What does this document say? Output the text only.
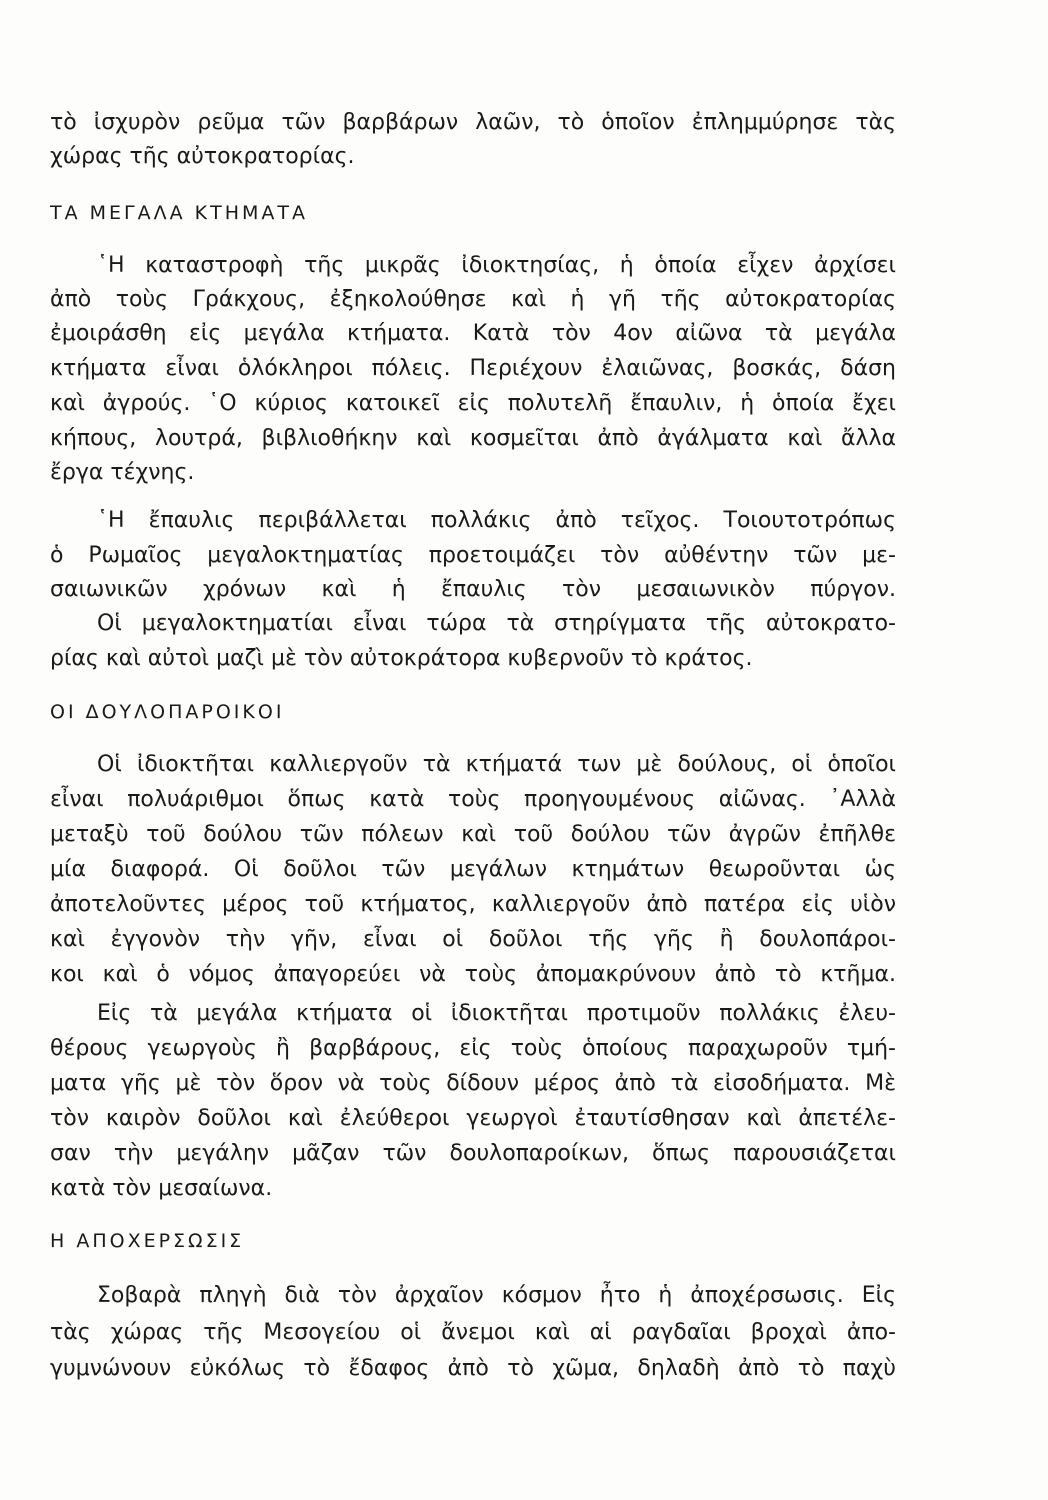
τὸ ἰσχυρὸν ρεῦμα τῶν βαρβάρων λαῶν, τὸ ὁποῖον ἐπλημμύρησε τὰς
χώρας τῆς αὐτοκρατορίας.
ΤΑ ΜΕΓΑΛΑ ΚΤΗΜΑΤΑ
῾Η καταστροφὴ τῆς μικρᾶς ἰδιοκτησίας, ἡ ὁποία εἶχεν ἀρχίσει
ἀπὸ τοὺς Γράκχους, ἐξηκολούθησε καὶ ἡ γῆ τῆς αὐτοκρατορίας
ἐμοιράσθη εἰς μεγάλα κτήματα. Κατὰ τὸν 4ον αἰῶνα τὰ μεγάλα
κτήματα εἶναι ὁλόκληροι πόλεις. Περιέχουν ἐλαιῶνας, βοσκάς, δάση
καὶ ἀγρούς. ῾Ο κύριος κατοικεῖ εἰς πολυτελῆ ἔπαυλιν, ἡ ὁποία ἔχει
κήπους, λουτρά, βιβλιοθήκην καὶ κοσμεῖται ἀπὸ ἀγάλματα καὶ ἄλλα
ἔργα τέχνης.
῾Η ἔπαυλις περιβάλλεται πολλάκις ἀπὸ τεῖχος. Τοιουτοτρόπως
ὁ Ρωμαῖος μεγαλοκτηματίας προετοιμάζει τὸν αὐθέντην τῶν με-
σαιωνικῶν χρόνων καὶ ἡ ἔπαυλις τὸν μεσαιωνικὸν πύργον.
Οἱ μεγαλοκτηματίαι εἶναι τώρα τὰ στηρίγματα τῆς αὐτοκρατο-
ρίας καὶ αὐτοὶ μαζὶ μὲ τὸν αὐτοκράτορα κυβερνοῦν τὸ κράτος.
ΟΙ ΔΟΥΛΟΠΑΡΟΙΚΟΙ
Οἱ ἰδιοκτῆται καλλιεργοῦν τὰ κτήματά των μὲ δούλους, οἱ ὁποῖοι
εἶναι πολυάριθμοι ὅπως κατὰ τοὺς προηγουμένους αἰῶνας. ᾿Αλλὰ
μεταξὺ τοῦ δούλου τῶν πόλεων καὶ τοῦ δούλου τῶν ἀγρῶν ἐπῆλθε
μία διαφορά. Οἱ δοῦλοι τῶν μεγάλων κτημάτων θεωροῦνται ὡς
ἀποτελοῦντες μέρος τοῦ κτήματος, καλλιεργοῦν ἀπὸ πατέρα εἰς υἱὸν
καὶ ἐγγονὸν τὴν γῆν, εἶναι οἱ δοῦλοι τῆς γῆς ἢ δουλοπάροι-
κοι καὶ ὁ νόμος ἀπαγορεύει νὰ τοὺς ἀπομακρύνουν ἀπὸ τὸ κτῆμα.
Εἰς τὰ μεγάλα κτήματα οἱ ἰδιοκτῆται προτιμοῦν πολλάκις ἐλευ-
θέρους γεωργοὺς ἢ βαρβάρους, εἰς τοὺς ὁποίους παραχωροῦν τμή-
ματα γῆς μὲ τὸν ὅρον νὰ τοὺς δίδουν μέρος ἀπὸ τὰ εἰσοδήματα. Μὲ
τὸν καιρὸν δοῦλοι καὶ ἐλεύθεροι γεωργοὶ ἐταυτίσθησαν καὶ ἀπετέλε-
σαν τὴν μεγάλην μᾶζαν τῶν δουλοπαροίκων, ὅπως παρουσιάζεται
κατὰ τὸν μεσαίωνα.
Η ΑΠΟΧΕΡΣΩΣΙΣ
Σοβαρὰ πληγὴ διὰ τὸν ἀρχαῖον κόσμον ἦτο ἡ ἀποχέρσωσις. Εἰς
τὰς χώρας τῆς Μεσογείου οἱ ἄνεμοι καὶ αἱ ραγδαῖαι βροχαὶ ἀπο-
γυμνώνουν εὐκόλως τὸ ἔδαφος ἀπὸ τὸ χῶμα, δηλαδὴ ἀπὸ τὸ παχὺ
